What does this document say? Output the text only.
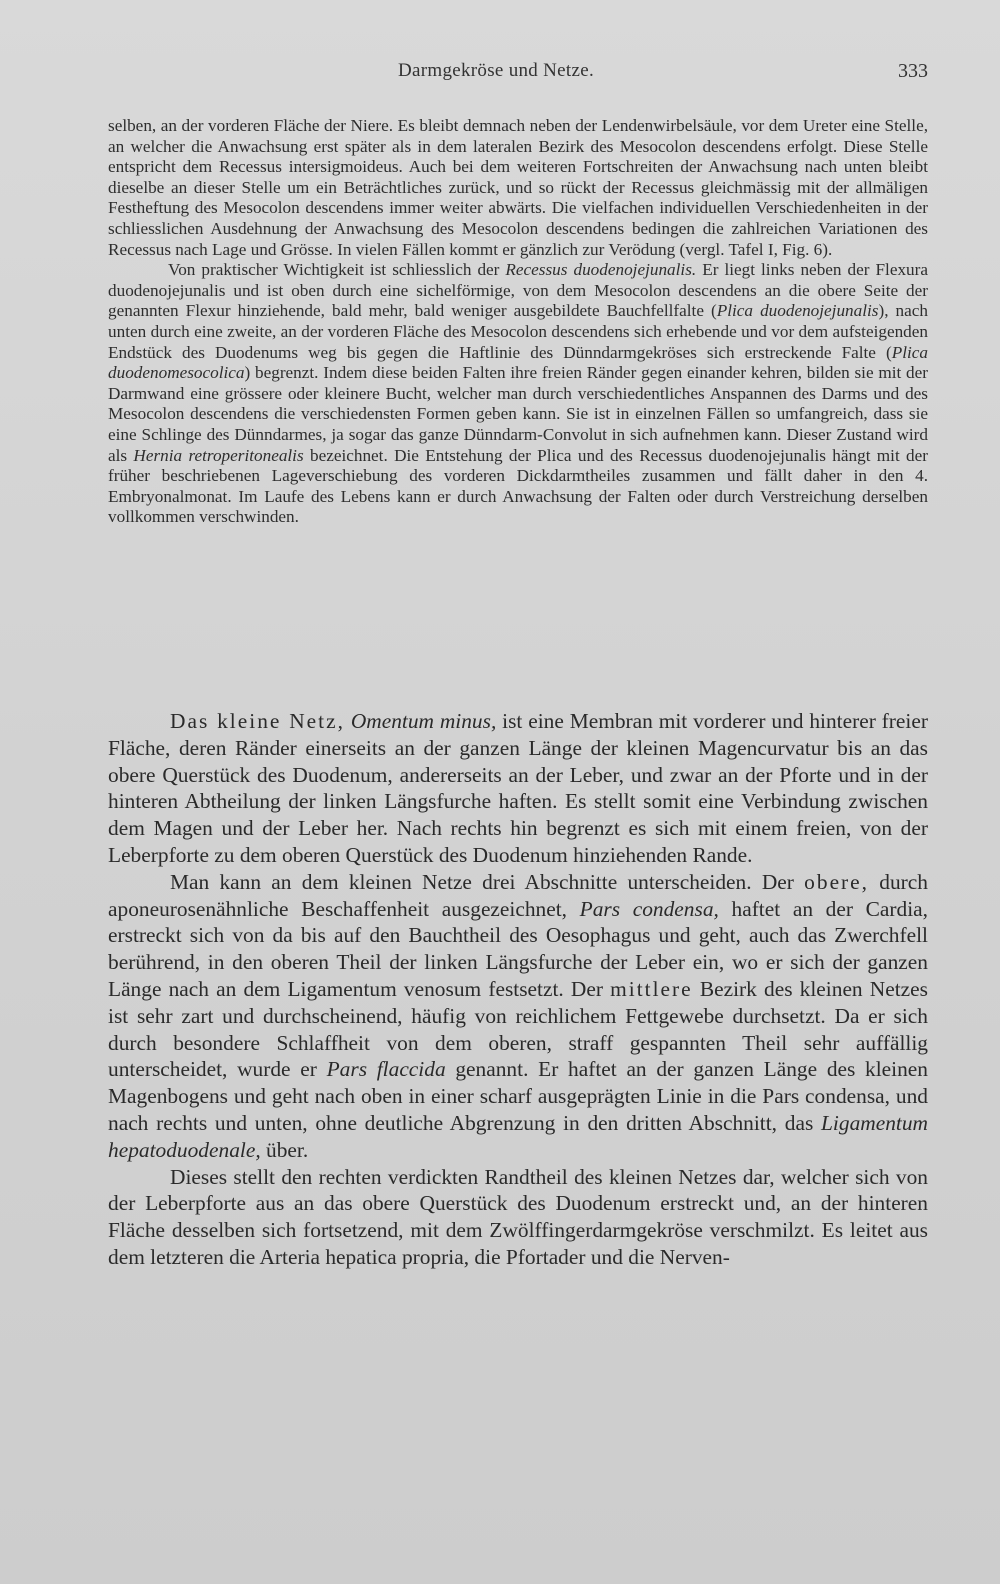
Darmgekröse und Netze.	333

selben, an der vorderen Fläche der Niere. Es bleibt demnach neben der Lendenwirbelsäule, vor dem Ureter eine Stelle, an welcher die Anwachsung erst später als in dem lateralen Bezirk des Mesocolon descendens erfolgt. Diese Stelle entspricht dem Recessus intersigmoideus. Auch bei dem weiteren Fortschreiten der Anwachsung nach unten bleibt dieselbe an dieser Stelle um ein Beträchtliches zurück, und so rückt der Recessus gleichmässig mit der allmäligen Festheftung des Mesocolon descendens immer weiter abwärts. Die vielfachen individuellen Verschiedenheiten in der schliesslichen Ausdehnung der Anwachsung des Mesocolon descendens bedingen die zahlreichen Variationen des Recessus nach Lage und Grösse. In vielen Fällen kommt er gänzlich zur Verödung (vergl. Tafel I, Fig. 6).

Von praktischer Wichtigkeit ist schliesslich der Recessus duodenojejunalis. Er liegt links neben der Flexura duodenojejunalis und ist oben durch eine sichelförmige, von dem Mesocolon descendens an die obere Seite der genannten Flexur hinziehende, bald mehr, bald weniger ausgebildete Bauchfellfalte (Plica duodenojejunalis), nach unten durch eine zweite, an der vorderen Fläche des Mesocolon descendens sich erhebende und vor dem aufsteigenden Endstück des Duodenums weg bis gegen die Haftlinie des Dünndarmgekröses sich erstreckende Falte (Plica duodenomesocolica) begrenzt. Indem diese beiden Falten ihre freien Ränder gegen einander kehren, bilden sie mit der Darmwand eine grössere oder kleinere Bucht, welcher man durch verschiedentliches Anspannen des Darms und des Mesocolon descendens die verschiedensten Formen geben kann. Sie ist in einzelnen Fällen so umfangreich, dass sie eine Schlinge des Dünndarmes, ja sogar das ganze Dünndarm-Convolut in sich aufnehmen kann. Dieser Zustand wird als Hernia retroperitonealis bezeichnet. Die Entstehung der Plica und des Recessus duodenojejunalis hängt mit der früher beschriebenen Lageverschiebung des vorderen Dickdarmtheiles zusammen und fällt daher in den 4. Embryonalmonat. Im Laufe des Lebens kann er durch Anwachsung der Falten oder durch Verstreichung derselben vollkommen verschwinden.

Das kleine Netz, Omentum minus, ist eine Membran mit vorderer und hinterer freier Fläche, deren Ränder einerseits an der ganzen Länge der kleinen Magencurvatur bis an das obere Querstück des Duodenum, andererseits an der Leber, und zwar an der Pforte und in der hinteren Abtheilung der linken Längsfurche haften. Es stellt somit eine Verbindung zwischen dem Magen und der Leber her. Nach rechts hin begrenzt es sich mit einem freien, von der Leberpforte zu dem oberen Querstück des Duodenum hinziehenden Rande.

Man kann an dem kleinen Netze drei Abschnitte unterscheiden. Der obere, durch aponeurosenähnliche Beschaffenheit ausgezeichnet, Pars condensa, haftet an der Cardia, erstreckt sich von da bis auf den Bauchtheil des Oesophagus und geht, auch das Zwerchfell berührend, in den oberen Theil der linken Längsfurche der Leber ein, wo er sich der ganzen Länge nach an dem Ligamentum venosum festsetzt. Der mittlere Bezirk des kleinen Netzes ist sehr zart und durchscheinend, häufig von reichlichem Fettgewebe durchsetzt. Da er sich durch besondere Schlaffheit von dem oberen, straff gespannten Theil sehr auffällig unterscheidet, wurde er Pars flaccida genannt. Er haftet an der ganzen Länge des kleinen Magenbogens und geht nach oben in einer scharf ausgeprägten Linie in die Pars condensa, und nach rechts und unten, ohne deutliche Abgrenzung in den dritten Abschnitt, das Ligamentum hepatoduodenale, über.

Dieses stellt den rechten verdickten Randtheil des kleinen Netzes dar, welcher sich von der Leberpforte aus an das obere Querstück des Duodenum erstreckt und, an der hinteren Fläche desselben sich fortsetzend, mit dem Zwölffingerdarmgekröse verschmilzt. Es leitet aus dem letzteren die Arteria hepatica propria, die Pfortader und die Nerven-
